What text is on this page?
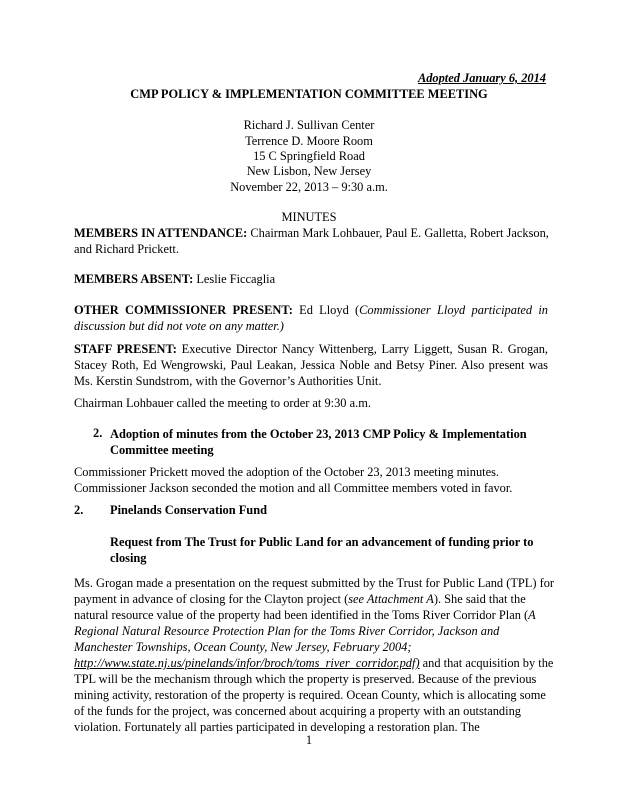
Adopted January 6, 2014
CMP POLICY & IMPLEMENTATION COMMITTEE MEETING
Richard J. Sullivan Center
Terrence D. Moore Room
15 C Springfield Road
New Lisbon, New Jersey
November 22, 2013 – 9:30 a.m.
MINUTES
MEMBERS IN ATTENDANCE: Chairman Mark Lohbauer, Paul E. Galletta, Robert Jackson,
and Richard Prickett.
MEMBERS ABSENT: Leslie Ficcaglia
OTHER COMMISSIONER PRESENT: Ed Lloyd (Commissioner Lloyd participated in
discussion but did not vote on any matter.)
STAFF PRESENT: Executive Director Nancy Wittenberg, Larry Liggett, Susan R. Grogan,
Stacey Roth, Ed Wengrowski, Paul Leakan, Jessica Noble and Betsy Piner. Also present was
Ms. Kerstin Sundstrom, with the Governor’s Authorities Unit.
Chairman Lohbauer called the meeting to order at 9:30 a.m.
2. Adoption of minutes from the October 23, 2013 CMP Policy & Implementation
Committee meeting
Commissioner Prickett moved the adoption of the October 23, 2013 meeting minutes.
Commissioner Jackson seconded the motion and all Committee members voted in favor.
2. Pinelands Conservation Fund
Request from The Trust for Public Land for an advancement of funding prior to
closing
Ms. Grogan made a presentation on the request submitted by the Trust for Public Land (TPL) for
payment in advance of closing for the Clayton project (see Attachment A). She said that the
natural resource value of the property had been identified in the Toms River Corridor Plan (A
Regional Natural Resource Protection Plan for the Toms River Corridor, Jackson and
Manchester Townships, Ocean County, New Jersey, February 2004;
http://www.state.nj.us/pinelands/infor/broch/toms_river_corridor.pdf) and that acquisition by the
TPL will be the mechanism through which the property is preserved. Because of the previous
mining activity, restoration of the property is required. Ocean County, which is allocating some
of the funds for the project, was concerned about acquiring a property with an outstanding
violation. Fortunately all parties participated in developing a restoration plan. The
1
